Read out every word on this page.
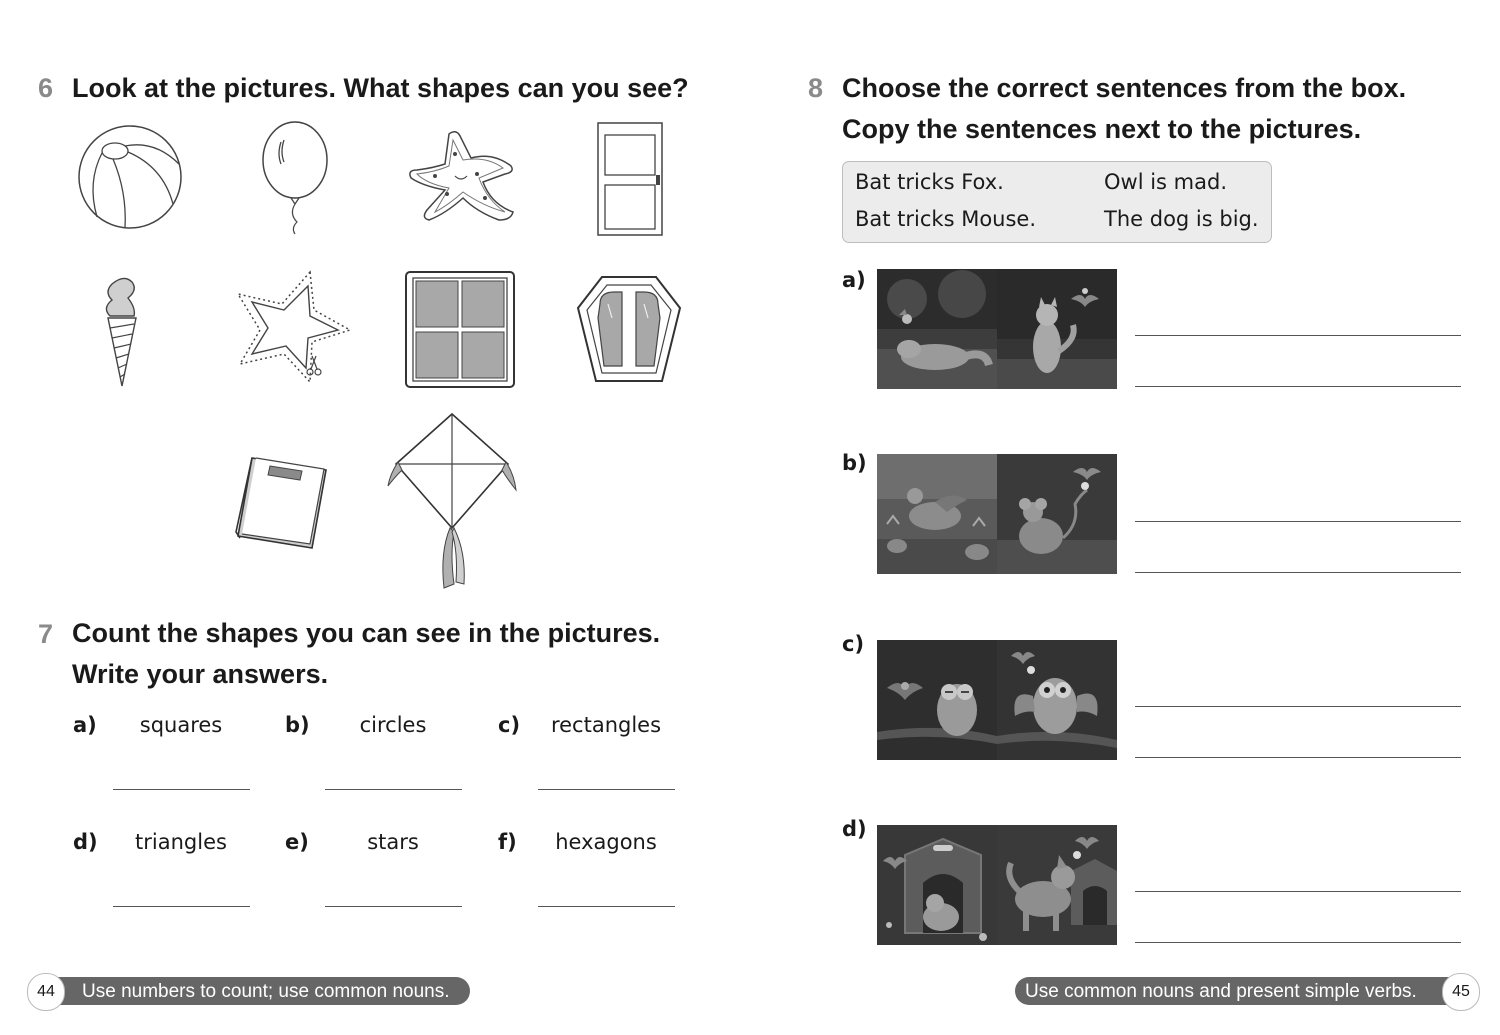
6 Look at the pictures. What shapes can you see?
7 Count the shapes you can see in the pictures.
Write your answers.
a)	squares	b)	circles	c)	rectangles
d)	triangles	e)	stars	f)	hexagons
Use numbers to count; use common nouns.
44
8 Choose the correct sentences from the box.
Copy the sentences next to the pictures.
Bat tricks Fox.	Owl is mad.
Bat tricks Mouse.	The dog is big.
a)
b)
c)
d)
Use common nouns and present simple verbs.	45
